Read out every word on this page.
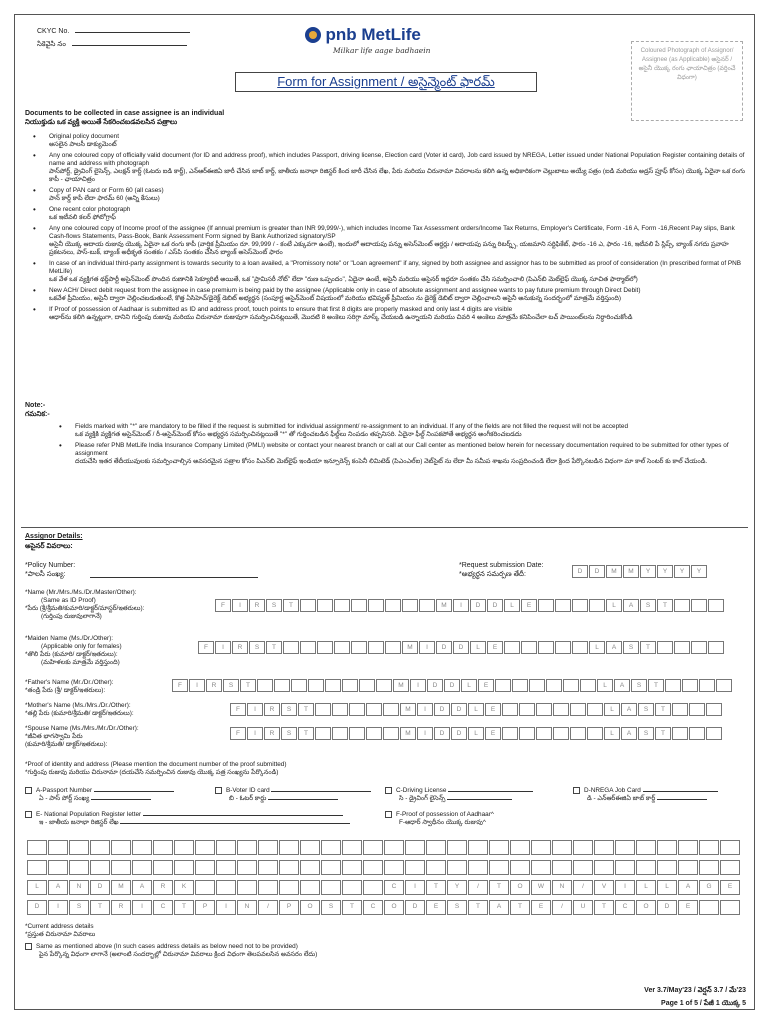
CKYC No.
సికెవైసి నం
pnb MetLife
Milkar life aage badhaein	Coloured Photograph of Assignor/ Assignee (as Applicable) అసైనర్ / అసైనీ యొక్క రంగు ఛాయాచిత్రం (వర్తించే విధంగా)
Form for Assignment / అసైన్మెంట్ ఫారమ్
Documents to be collected in case assignee is an individual
నియుక్తుడు ఒక వ్యక్తి అయితే సేకరించబడవలసిన పత్రాలు
• Original policy document
అసలైన పాలసీ డాక్యుమెంట్
• Any one coloured copy of officially valid document (for ID and address proof), which includes Passport, driving license, Election card (Voter id card), Job card issued by NREGA, Letter issued under National Population Register containing details of name and address with photograph
పాస్‌పోర్ట్, డ్రైవింగ్ లైసెన్స్, ఎలక్షన్ కార్డ్ (ఓటరు ఐడి కార్డ్), ఎన్ఆర్ఈజిఏ జారీ చేసిన జాబ్ కార్డ్, జాతీయ జనాభా రిజిస్టర్ కింద జారీ చేసిన లేఖ, పేరు మరియు చిరునామా వివరాలను కలిగి ఉన్న అధికారికంగా చెల్లుబాటు అయ్యే పత్రం (ఐడి మరియు అడ్రస్ ప్రూఫ్ కోసం) యొక్క ఏదైనా ఒక రంగు కాపీ - ఛాయాచిత్రం
• Copy of PAN card or Form 60 (all cases)
పాన్ కార్డ్ కాపీ లేదా ఫారమ్ 60 (అన్ని కేసులు)
• One recent color photograph
ఒక ఇటీవలి కలర్ ఫోటోగ్రాఫ్
• Any one coloured copy of Income proof of the assignee (If annual premium is greater than INR 99,999/-), which includes Income Tax Assessment orders/Income Tax Returns, Employer's Certificate, Form -16 A, Form -16,Recent Pay slips, Bank Cash-flows Statements, Pass-Book, Bank Assessment Form signed by Bank Authorized signatory/SP
అసైనీ యొక్క ఆదాయ రుజువు యొక్క ఏదైనా ఒక రంగు కాపీ (వార్షిక ప్రీమియం రూ. 99,999 / - కంటే ఎక్కువగా ఉంటే), ఇందులో ఆదాయపు పన్ను అసెస్‌మెంట్ ఆర్డర్లు / ఆదాయపు పన్ను రిటర్న్స్, యజమాని సర్టిఫికేట్, ఫారం -16 ఎ, ఫారం -16, ఇటీవలి పే స్లిప్స్, బ్యాంక్ నగదు ప్రవాహ ప్రకటనలు, పాస్-బుక్, బ్యాంక్ అధీకృత సంతకం / ఎస్‌పి సంతకం చేసిన బ్యాంక్ అసెస్‌మెంట్ ఫారం
• In case of an individual third-party assignment is towards security to a loan availed, a "Promissory note" or "Loan agreement" if any, signed by both assignee and assignor has to be submitted as proof of consideration (In prescribed format of PNB MetLife)
ఒక వేళ ఒక వ్యక్తిగత థర్డ్‌పార్టీ అసైన్‌మెంట్ పొందిన రుణానికి సెక్యూరిటీ అయితే, ఒక "ప్రామిసరీ నోట్" లేదా "రుణ ఒప్పందం", ఏదైనా ఉంటే, అసైనీ మరియు అసైనర్ ఇద్దరూ సంతకం చేసి సమర్పించాలి (పిఎన్‌బి మెట్‌లైఫ్ యొక్క సూచిత ఫార్మాట్‌లో)
• New ACH/ Direct debit request from the assignee in case premium is being paid by the assignee (Applicable only in case of absolute assignment and assignee wants to pay future premium through Direct Debit)
ఒకవేళ ప్రీమియం, అసైనీ ద్వారా చెల్లించబడుతుంటే, కొత్త ఏసిహెచ్/డైరెక్ట్ డెబిట్ అభ్యర్థన (సంపూర్ణ అసైన్‌మెంట్ విషయంలో మరియు భవిష్యత్ ప్రీమియం ను డైరెక్ట్ డెబిట్ ద్వారా చెల్లించాలని అసైనీ అనుకున్న సందర్భంలో మాత్రమే వర్తిస్తుంది)
• If Proof of possession of Aadhaar is submitted as ID and address proof, touch points to ensure that first 8 digits are properly masked and only last 4 digits are visible
ఆధార్‌ను కలిగి ఉన్నట్లుగా, దానిని గుర్తింపు రుజువు మరియు చిరునామా రుజువుగా సమర్పించినట్లయితే, మొదటి 8 అంకెలు సరిగ్గా మాస్క్ చేయబడి ఉన్నాయని మరియు చివరి 4 అంకెలు మాత్రమే కనిపించేలా టచ్ పాయింట్‌లను నిర్ధారించుకోండి
Note:-
గమనిక:-
• Fields marked with "*" are mandatory to be filled if the request is submitted for individual assignment/ re-assignment to an individual. If any of the fields are not filled the request will not be accepted
ఒక వ్యక్తికి వ్యక్తిగత అసైన్‌మెంట్ / రీ-అసైన్‌మెంట్ కోసం అభ్యర్థన సమర్పించినట్లయితే "*" తో గుర్తించబడిన ఫీల్డ్‌లు నింపడం తప్పనిసరి. ఏదైనా ఫీల్డ్ నింపకపోతే అభ్యర్థన అంగీకరించబడదు
• Please refer PNB MetLife India Insurance Company Limited (PMLI) website or contact your nearest branch or call at our Call center as mentioned below herein for necessary documentation required to be submitted for other types of assignment
దయచేసి ఇతర తేదీయువులకు సమర్పించాల్సిన అవసరమైన పత్రాల కోసం పిఎన్‌బి మెట్‌లైఫ్ ఇండియా ఇన్సూరెన్స్ కంపెనీ లిమిటెడ్ (పిఎంఎల్ఐ) వెబ్‌సైట్ ను లేదా మీ సమీప శాఖను సంప్రదించండి లేదా క్రింద పేర్కొనబడిన విధంగా మా కాల్ సెంటర్ కు కాల్ చేయండి.
Assignor Details:
అసైనర్ వివరాలు:
*Policy Number:
*పాలసీ సంఖ్య:
*Request submission Date:
*అభ్యర్థన సమర్పణ తేదీ:	D D M M Y Y Y Y
*Name (Mr./Mrs./Ms./Dr./Master/Other):
(Same as ID Proof)
*పేరు (శ్రీ/శ్రీమతి/కుమారి/డాక్టర్/మాస్టర్/ఇతరులు):
(గుర్తింపు రుజువులాగానే)
F I R S T	M I D D L E	L A S T
*Maiden Name (Ms./Dr./Other):
(Applicable only for females)
*తొలి పేరు (కుమారి/ డాక్టర్/ఇతరులు):
(మహిళలకు మాత్రమే వర్తిస్తుంది)
F I R S T	M I D D L E	L A S T
*Father's Name (Mr./Dr./Other):
*తండ్రి పేరు (శ్రీ/ డాక్టర్/ఇతరులు):
F I R S T	M I D D L E	L A S T
*Mother's Name (Ms./Mrs./Dr./Other):
*తల్లి పేరు (కుమారి/శ్రీమతి/ డాక్టర్/ఇతరులు):
F I R S T	M I D D L E	L A S T
*Spouse Name (Ms./Mrs./Mr./Dr./Other):
*జీవిత భాగస్వామి పేరు
(కుమారి/శ్రీమతి/ డాక్టర్/ఇతరులు):
F I R S T	M I D D L E	L A S T
*Proof of identity and address (Please mention the document number of the proof submitted)
*గుర్తింపు రుజువు మరియు చిరునామా (దయచేసి సమర్పించిన రుజువు యొక్క పత్ర సంఖ్యను పేర్కొనండి)
A-Passport Number
ఏ - పాస్ పోర్ట్ సంఖ్య
B-Voter ID card
బి - ఓటర్ కార్డు
C-Driving License
సి - డ్రైవింగ్ లైసెన్స్
D-NREGA Job Card
డి - ఎన్ఆర్ఈజిఏ జాబ్ కార్డ్
E- National Population Register letter
ఇ - జాతీయ జనాభా రిజిస్టర్ లేఖ
F-Proof of possession of Aadhaar^
F-ఆధార్ స్వాధీనం యొక్క రుజువు^
L	A	N	D M A	R	K	C	I	T	Y	/	T	O W N	/	V	I	L	L	A	G	E
D	I	S	T	R	I	C	T	P	I	N	/	P	O	S	T	C O D	E	S	T	A	T	E	/	U	T	C O D	E
*Current address details
*ప్రస్తుత చిరునామా వివరాలు
Same as mentioned above (In such cases address details as below need not to be provided)
పైన పేర్కొన్న విధంగా లాగానే (అలాంటి సందర్భాల్లో చిరునామా వివరాలు క్రింద విధంగా తెలపవలసిన అవసరం లేదు)
Ver 3.7/May'23 / వెర్షన్ 3.7 / మే'23
Page 1 of 5 / పేజీ 1 యొక్క 5
